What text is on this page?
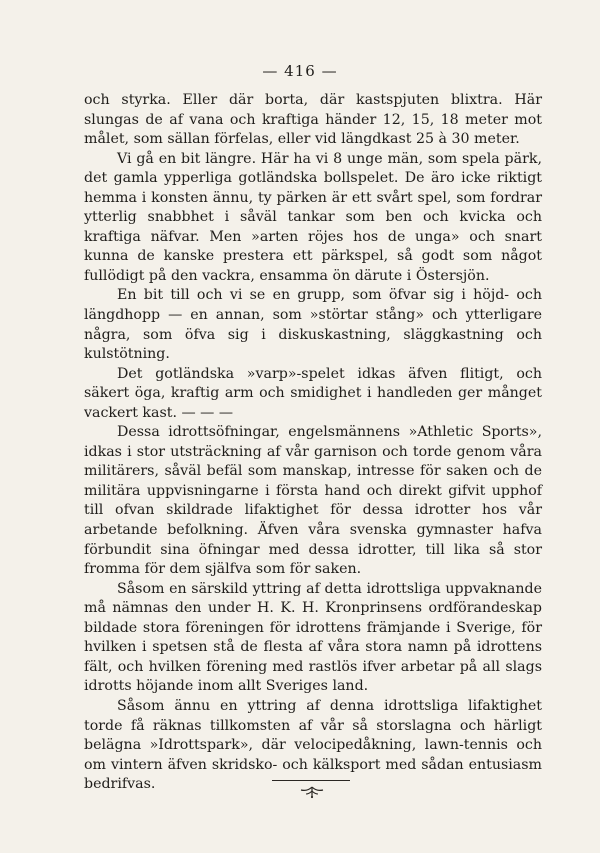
— 416 —

och styrka. Eller där borta, där kastspjuten blixtra. Här slungas de af vana och kraftiga händer 12, 15, 18 meter mot målet, som sällan förfelas, eller vid längdkast 25 à 30 meter.

Vi gå en bit längre. Här ha vi 8 unge män, som spela pärk, det gamla ypperliga gotländska bollspelet. De äro icke riktigt hemma i konsten ännu, ty pärken är ett svårt spel, som fordrar ytterlig snabbhet i såväl tankar som ben och kvicka och kraftiga näfvar. Men »arten röjes hos de unga» och snart kunna de kanske prestera ett pärkspel, så godt som något fullödigt på den vackra, ensamma ön därute i Östersjön.

En bit till och vi se en grupp, som öfvar sig i höjd- och längdhopp — en annan, som »störtar stång» och ytterligare några, som öfva sig i diskuskastning, släggkastning och kulstötning.

Det gotländska »varp»-spelet idkas äfven flitigt, och säkert öga, kraftig arm och smidighet i handleden ger månget vackert kast. — — —

Dessa idrottsöfningar, engelsmännens »Athletic Sports», idkas i stor utsträckning af vår garnison och torde genom våra militärers, såväl befäl som manskap, intresse för saken och de militära uppvisningarne i första hand och direkt gifvit upphof till ofvan skildrade lifaktighet för dessa idrotter hos vår arbetande befolkning. Äfven våra svenska gymnaster hafva förbundit sina öfningar med dessa idrotter, till lika så stor fromma för dem själfva som för saken.

Såsom en särskild yttring af detta idrottsliga uppvaknande må nämnas den under H. K. H. Kronprinsens ordförandeskap bildade stora föreningen för idrottens främjande i Sverige, för hvilken i spetsen stå de flesta af våra stora namn på idrottens fält, och hvilken förening med rastlös ifver arbetar på all slags idrotts höjande inom allt Sveriges land.

Såsom ännu en yttring af denna idrottsliga lifaktighet torde få räknas tillkomsten af vår så storslagna och härligt belägna »Idrottspark», där velocipedåkning, lawn-tennis och om vintern äfven skridsko- och kälksport med sådan entusiasm bedrifvas.
